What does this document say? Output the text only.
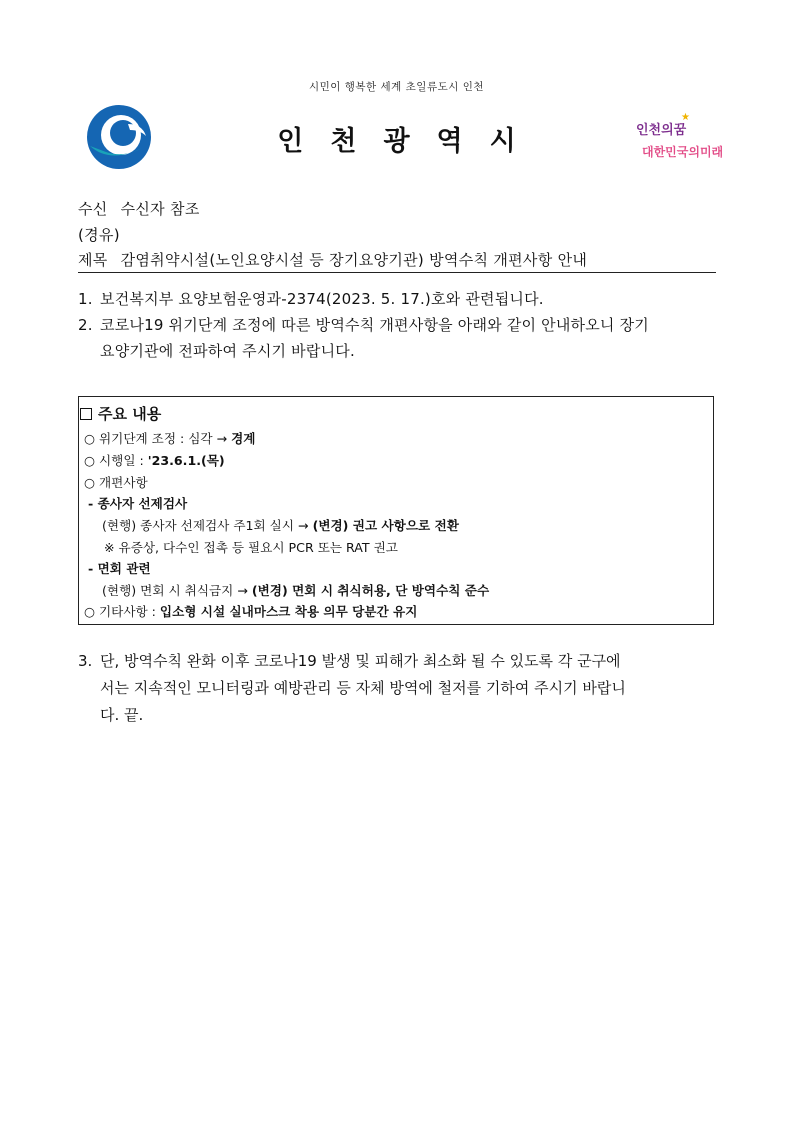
시민이 행복한 세계 초일류도시 인천
인천광역시	인천의꿈
★
대한민국의미래
수신 수신자 참조
(경유)
제목 감염취약시설(노인요양시설 등 장기요양기관) 방역수칙 개편사항 안내
1. 보건복지부 요양보험운영과-2374(2023. 5. 17.)호와 관련됩니다.
2. 코로나19 위기단계 조정에 따른 방역수칙 개편사항을 아래와 같이 안내하오니 장기
요양기관에 전파하여 주시기 바랍니다.
주요 내용
○ 위기단계 조정 : 심각 → 경계
○ 시행일 : '23.6.1.(목)
○ 개편사항
- 종사자 선제검사
(현행) 종사자 선제검사 주1회 실시 → (변경) 권고 사항으로 전환
※ 유증상, 다수인 접촉 등 필요시 PCR 또는 RAT 권고
- 면회 관련
(현행) 면회 시 취식금지 → (변경) 면회 시 취식허용, 단 방역수칙 준수
○ 기타사항 : 입소형 시설 실내마스크 착용 의무 당분간 유지
3. 단, 방역수칙 완화 이후 코로나19 발생 및 피해가 최소화 될 수 있도록 각 군구에
서는 지속적인 모니터링과 예방관리 등 자체 방역에 철저를 기하여 주시기 바랍니
다. 끝.
